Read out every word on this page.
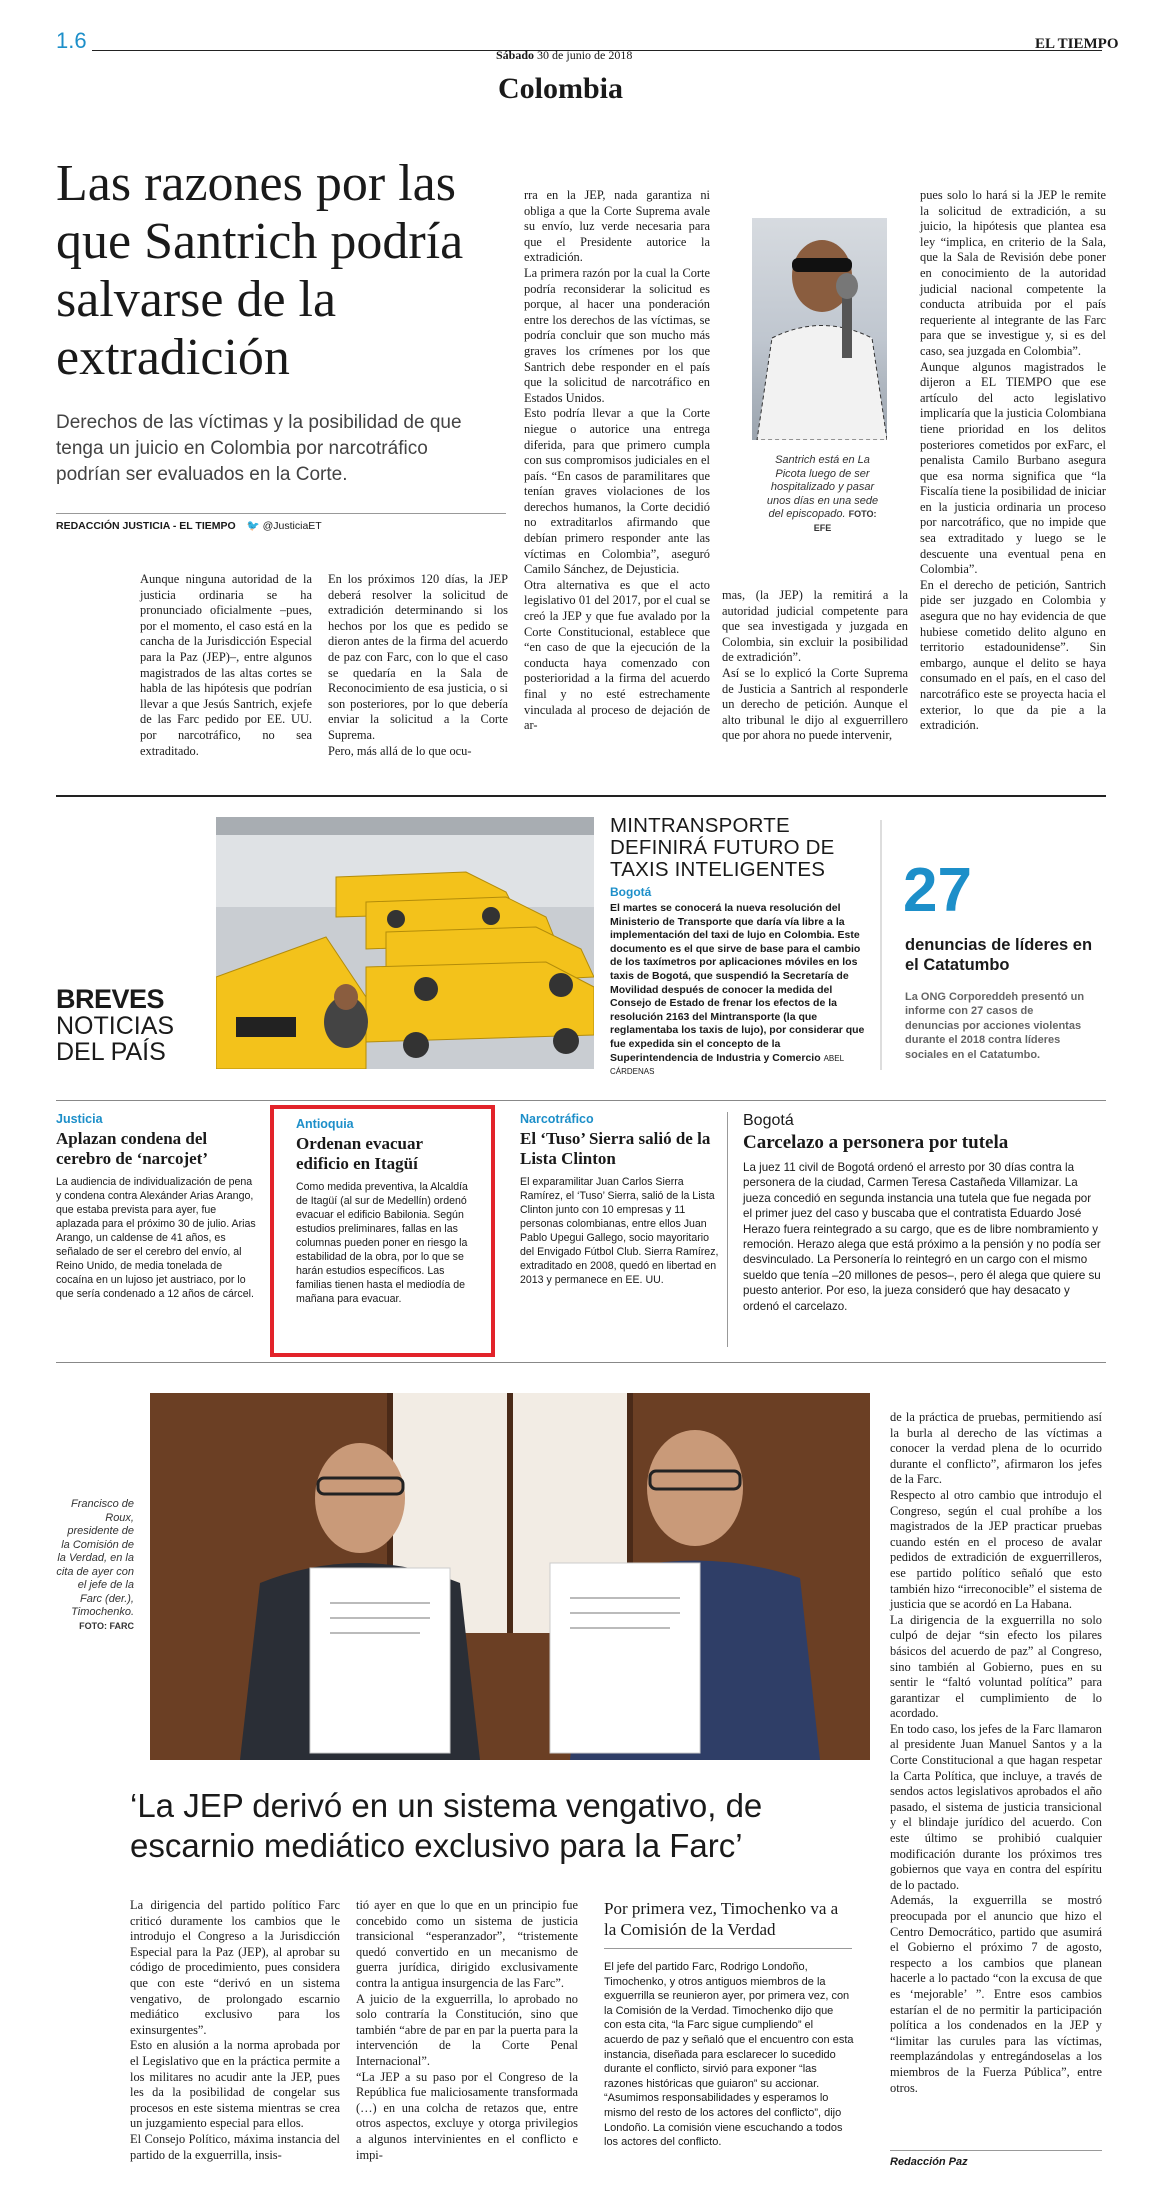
1.6
Sábado 30 de junio de 2018
EL TIEMPO
Colombia
Las razones por las que Santrich podría salvarse de la extradición
Derechos de las víctimas y la posibilidad de que tenga un juicio en Colombia por narcotráfico podrían ser evaluados en la Corte.
REDACCIÓN JUSTICIA - EL TIEMPO 🐦 @JusticiaET
Aunque ninguna autoridad de la justicia ordinaria se ha pronunciado oficialmente –pues, por el momento, el caso está en la cancha de la Jurisdicción Especial para la Paz (JEP)–, entre algunos magistrados de las altas cortes se habla de las hipótesis que podrían llevar a que Jesús Santrich, exjefe de las Farc pedido por EE. UU. por narcotráfico, no sea extraditado.
En los próximos 120 días, la JEP deberá resolver la solicitud de extradición determinando si los hechos por los que es pedido se dieron antes de la firma del acuerdo de paz con Farc, con lo que el caso se quedaría en la Sala de Reconocimiento de esa justicia, o si son posteriores, por lo que debería enviar la solicitud a la Corte Suprema.
Pero, más allá de lo que ocu-
rra en la JEP, nada garantiza ni obliga a que la Corte Suprema avale su envío, luz verde necesaria para que el Presidente autorice la extradición.
La primera razón por la cual la Corte podría reconsiderar la solicitud es porque, al hacer una ponderación entre los derechos de las víctimas, se podría concluir que son mucho más graves los crímenes por los que Santrich debe responder en el país que la solicitud de narcotráfico en Estados Unidos.
Esto podría llevar a que la Corte niegue o autorice una entrega diferida, para que primero cumpla con sus compromisos judiciales en el país. “En casos de paramilitares que tenían graves violaciones de los derechos humanos, la Corte decidió no extraditarlos afirmando que debían primero responder ante las víctimas en Colombia”, aseguró Camilo Sánchez, de Dejusticia.
Otra alternativa es que el acto legislativo 01 del 2017, por el cual se creó la JEP y que fue avalado por la Corte Constitucional, establece que “en caso de que la ejecución de la conducta haya comenzado con posterioridad a la firma del acuerdo final y no esté estrechamente vinculada al proceso de dejación de ar-
mas, (la JEP) la remitirá a la autoridad judicial competente para que sea investigada y juzgada en Colombia, sin excluir la posibilidad de extradición”.
Así se lo explicó la Corte Suprema de Justicia a Santrich al responderle un derecho de petición. Aunque el alto tribunal le dijo al exguerrillero que por ahora no puede intervenir,
pues solo lo hará si la JEP le remite la solicitud de extradición, a su juicio, la hipótesis que plantea esa ley “implica, en criterio de la Sala, que la Sala de Revisión debe poner en conocimiento de la autoridad judicial nacional competente la conducta atribuida por el país requeriente al integrante de las Farc para que se investigue y, si es del caso, sea juzgada en Colombia”.
Aunque algunos magistrados le dijeron a EL TIEMPO que ese artículo del acto legislativo implicaría que la justicia Colombiana tiene prioridad en los delitos posteriores cometidos por exFarc, el penalista Camilo Burbano asegura que esa norma significa que “la Fiscalía tiene la posibilidad de iniciar en la justicia ordinaria un proceso por narcotráfico, que no impide que sea extraditado y luego se le descuente una eventual pena en Colombia”.
En el derecho de petición, Santrich pide ser juzgado en Colombia y asegura que no hay evidencia de que hubiese cometido delito alguno en territorio estadounidense”. Sin embargo, aunque el delito se haya consumado en el país, en el caso del narcotráfico este se proyecta hacia el exterior, lo que da pie a la extradición.
Santrich está en La Picota luego de ser hospitalizado y pasar unos días en una sede del episcopado. FOTO: EFE
BREVES
NOTICIAS
DEL PAÍS
MINTRANSPORTE DEFINIRÁ FUTURO DE TAXIS INTELIGENTES
Bogotá
El martes se conocerá la nueva resolución del Ministerio de Transporte que daría vía libre a la implementación del taxi de lujo en Colombia. Este documento es el que sirve de base para el cambio de los taxímetros por aplicaciones móviles en los taxis de Bogotá, que suspendió la Secretaría de Movilidad después de conocer la medida del Consejo de Estado de frenar los efectos de la resolución 2163 del Mintransporte (la que reglamentaba los taxis de lujo), por considerar que fue expedida sin el concepto de la Superintendencia de Industria y Comercio ABEL CÁRDENAS
27
denuncias de líderes en el Catatumbo
La ONG Corporeddeh presentó un informe con 27 casos de denuncias por acciones violentas durante el 2018 contra líderes sociales en el Catatumbo.
Justicia
Aplazan condena del cerebro de ‘narcojet’
La audiencia de individualización de pena y condena contra Alexánder Arias Arango, que estaba prevista para ayer, fue aplazada para el próximo 30 de julio. Arias Arango, un caldense de 41 años, es señalado de ser el cerebro del envío, al Reino Unido, de media tonelada de cocaína en un lujoso jet austriaco, por lo que sería condenado a 12 años de cárcel.
Antioquia
Ordenan evacuar edificio en Itagüí
Como medida preventiva, la Alcaldía de Itagüí (al sur de Medellín) ordenó evacuar el edificio Babilonia. Según estudios preliminares, fallas en las columnas pueden poner en riesgo la estabilidad de la obra, por lo que se harán estudios específicos. Las familias tienen hasta el mediodía de mañana para evacuar.
Narcotráfico
El ‘Tuso’ Sierra salió de la Lista Clinton
El exparamilitar Juan Carlos Sierra Ramírez, el ‘Tuso’ Sierra, salió de la Lista Clinton junto con 10 empresas y 11 personas colombianas, entre ellos Juan Pablo Upegui Gallego, socio mayoritario del Envigado Fútbol Club. Sierra Ramírez, extraditado en 2008, quedó en libertad en 2013 y permanece en EE. UU.
Bogotá
Carcelazo a personera por tutela
La juez 11 civil de Bogotá ordenó el arresto por 30 días contra la personera de la ciudad, Carmen Teresa Castañeda Villamizar. La jueza concedió en segunda instancia una tutela que fue negada por el primer juez del caso y buscaba que el contratista Eduardo José Herazo fuera reintegrado a su cargo, que es de libre nombramiento y remoción. Herazo alega que está próximo a la pensión y no podía ser desvinculado. La Personería lo reintegró en un cargo con el mismo sueldo que tenía –20 millones de pesos–, pero él alega que quiere su puesto anterior. Por eso, la jueza consideró que hay desacato y ordenó el carcelazo.
Francisco de Roux, presidente de la Comisión de la Verdad, en la cita de ayer con el jefe de la Farc (der.), Timochenko.
FOTO: FARC
‘La JEP derivó en un sistema vengativo, de escarnio mediático exclusivo para la Farc’
La dirigencia del partido político Farc criticó duramente los cambios que le introdujo el Congreso a la Jurisdicción Especial para la Paz (JEP), al aprobar su código de procedimiento, pues considera que con este “derivó en un sistema vengativo, de prolongado escarnio mediático exclusivo para los exinsurgentes”.
Esto en alusión a la norma aprobada por el Legislativo que en la práctica permite a los militares no acudir ante la JEP, pues les da la posibilidad de congelar sus procesos en este sistema mientras se crea un juzgamiento especial para ellos.
El Consejo Político, máxima instancia del partido de la exguerrilla, insis-
tió ayer en que lo que en un principio fue concebido como un sistema de justicia transicional “esperanzador”, “tristemente quedó convertido en un mecanismo de guerra jurídica, dirigido exclusivamente contra la antigua insurgencia de las Farc”.
A juicio de la exguerrilla, lo aprobado no solo contraría la Constitución, sino que también “abre de par en par la puerta para la intervención de la Corte Penal Internacional”.
“La JEP a su paso por el Congreso de la República fue maliciosamente transformada (…) en una colcha de retazos que, entre otros aspectos, excluye y otorga privilegios a algunos intervinientes en el conflicto e impi-
Por primera vez, Timochenko va a la Comisión de la Verdad
El jefe del partido Farc, Rodrigo Londoño, Timochenko, y otros antiguos miembros de la exguerrilla se reunieron ayer, por primera vez, con la Comisión de la Verdad. Timochenko dijo que con esta cita, “la Farc sigue cumpliendo” el acuerdo de paz y señaló que el encuentro con esta instancia, diseñada para esclarecer lo sucedido durante el conflicto, sirvió para exponer “las razones históricas que guiaron” su accionar. “Asumimos responsabilidades y esperamos lo mismo del resto de los actores del conflicto”, dijo Londoño. La comisión viene escuchando a todos los actores del conflicto.
de la práctica de pruebas, permitiendo así la burla al derecho de las víctimas a conocer la verdad plena de lo ocurrido durante el conflicto”, afirmaron los jefes de la Farc.
Respecto al otro cambio que introdujo el Congreso, según el cual prohíbe a los magistrados de la JEP practicar pruebas cuando estén en el proceso de avalar pedidos de extradición de exguerrilleros, ese partido político señaló que esto también hizo “irreconocible” el sistema de justicia que se acordó en La Habana.
La dirigencia de la exguerrilla no solo culpó de dejar “sin efecto los pilares básicos del acuerdo de paz” al Congreso, sino también al Gobierno, pues en su sentir le “faltó voluntad política” para garantizar el cumplimiento de lo acordado.
En todo caso, los jefes de la Farc llamaron al presidente Juan Manuel Santos y a la Corte Constitucional a que hagan respetar la Carta Política, que incluye, a través de sendos actos legislativos aprobados el año pasado, el sistema de justicia transicional y el blindaje jurídico del acuerdo. Con este último se prohibió cualquier modificación durante los próximos tres gobiernos que vaya en contra del espíritu de lo pactado.
Además, la exguerrilla se mostró preocupada por el anuncio que hizo el Centro Democrático, partido que asumirá el Gobierno el próximo 7 de agosto, respecto a los cambios que planean hacerle a lo pactado “con la excusa de que es ‘mejorable’ ”. Entre esos cambios estarían el de no permitir la participación política a los condenados en la JEP y “limitar las curules para las víctimas, reemplazándolas y entregándoselas a los miembros de la Fuerza Pública”, entre otros.
Redacción Paz
